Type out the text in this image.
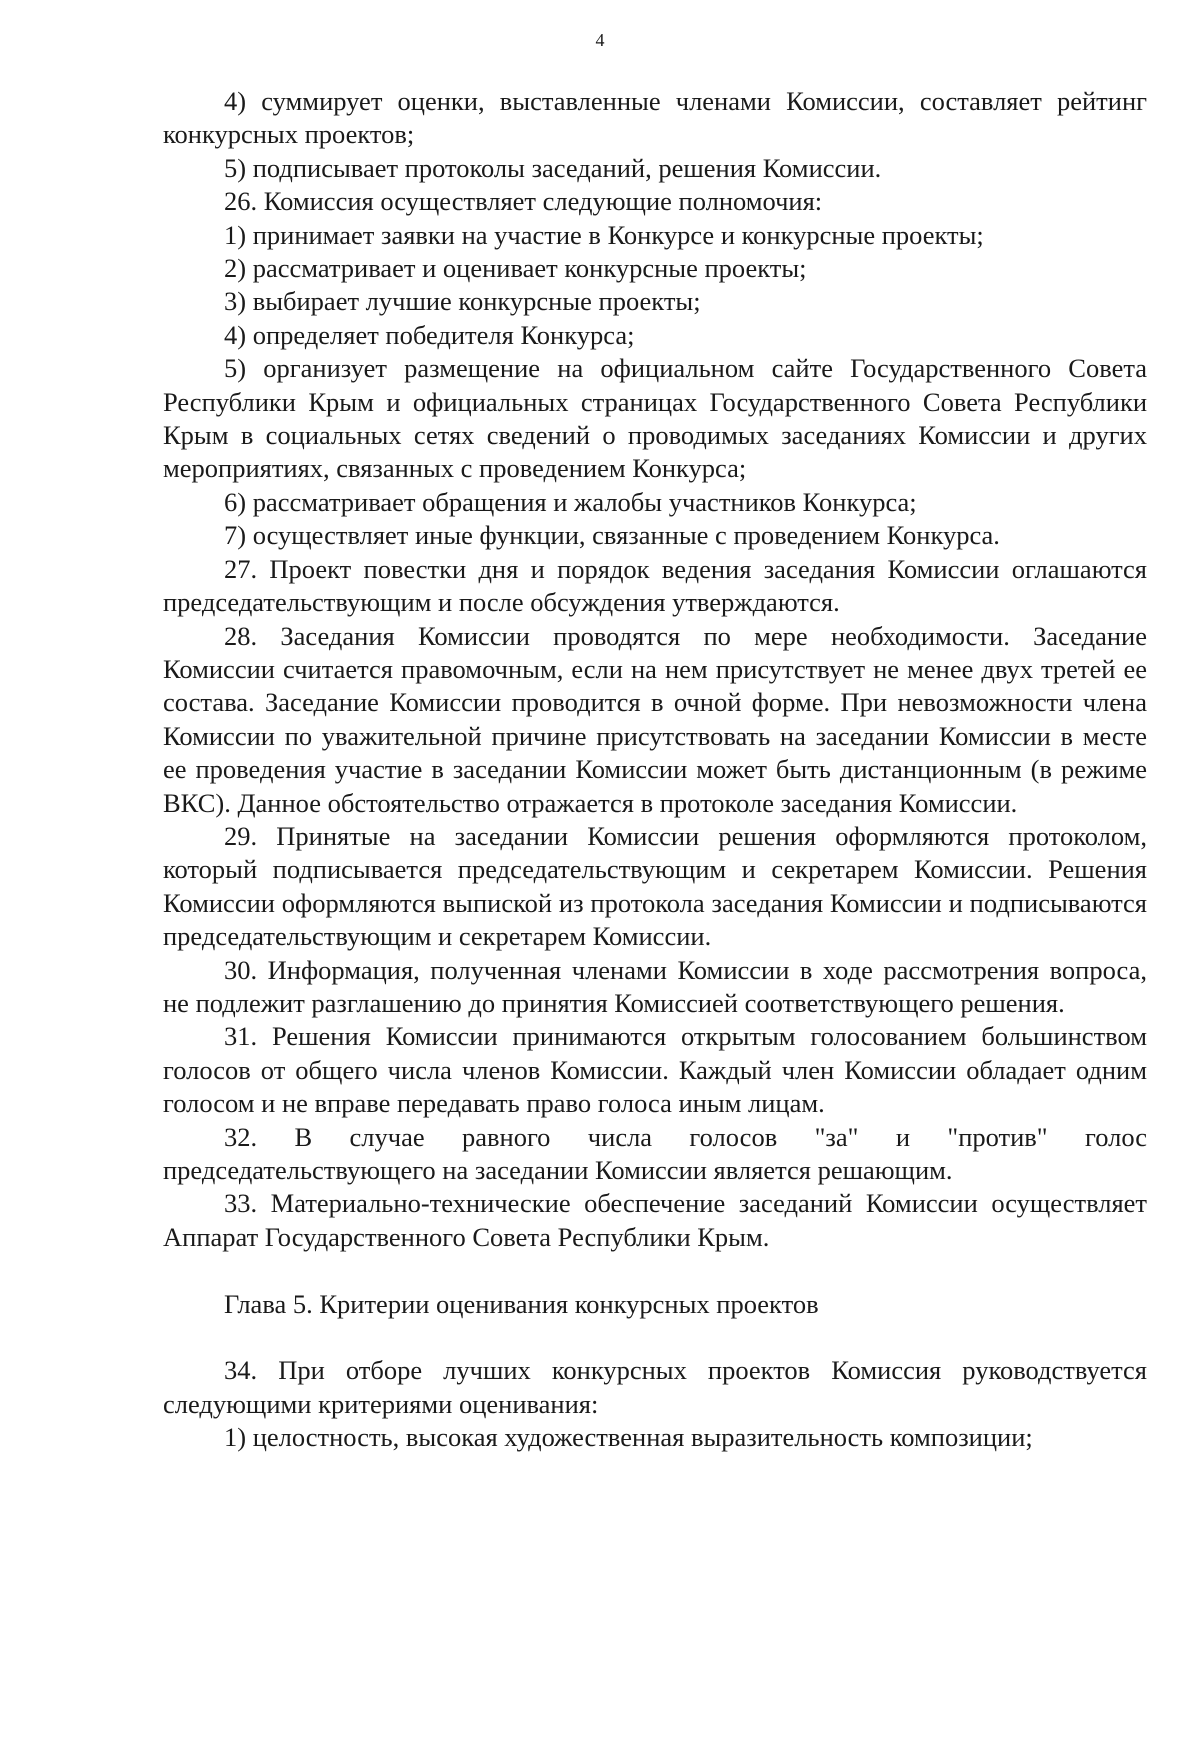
4

4) суммирует оценки, выставленные членами Комиссии, составляет рейтинг конкурсных проектов;

5) подписывает протоколы заседаний, решения Комиссии.

26. Комиссия осуществляет следующие полномочия:

1) принимает заявки на участие в Конкурсе и конкурсные проекты;

2) рассматривает и оценивает конкурсные проекты;

3) выбирает лучшие конкурсные проекты;

4) определяет победителя Конкурса;

5) организует размещение на официальном сайте Государственного Совета Республики Крым и официальных страницах Государственного Совета Республики Крым в социальных сетях сведений о проводимых заседаниях Комиссии и других мероприятиях, связанных с проведением Конкурса;

6) рассматривает обращения и жалобы участников Конкурса;

7) осуществляет иные функции, связанные с проведением Конкурса.

27. Проект повестки дня и порядок ведения заседания Комиссии оглашаются председательствующим и после обсуждения утверждаются.

28. Заседания Комиссии проводятся по мере необходимости. Заседание Комиссии считается правомочным, если на нем присутствует не менее двух третей ее состава. Заседание Комиссии проводится в очной форме. При невозможности члена Комиссии по уважительной причине присутствовать на заседании Комиссии в месте ее проведения участие в заседании Комиссии может быть дистанционным (в режиме ВКС). Данное обстоятельство отражается в протоколе заседания Комиссии.

29. Принятые на заседании Комиссии решения оформляются протоколом, который подписывается председательствующим и секретарем Комиссии. Решения Комиссии оформляются выпиской из протокола заседания Комиссии и подписываются председательствующим и секретарем Комиссии.

30. Информация, полученная членами Комиссии в ходе рассмотрения вопроса, не подлежит разглашению до принятия Комиссией соответствующего решения.

31. Решения Комиссии принимаются открытым голосованием большинством голосов от общего числа членов Комиссии. Каждый член Комиссии обладает одним голосом и не вправе передавать право голоса иным лицам.

32. В случае равного числа голосов "за" и "против" голос председательствующего на заседании Комиссии является решающим.

33. Материально-технические обеспечение заседаний Комиссии осуществляет Аппарат Государственного Совета Республики Крым.

Глава 5. Критерии оценивания конкурсных проектов

34. При отборе лучших конкурсных проектов Комиссия руководствуется следующими критериями оценивания:

1) целостность, высокая художественная выразительность композиции;
